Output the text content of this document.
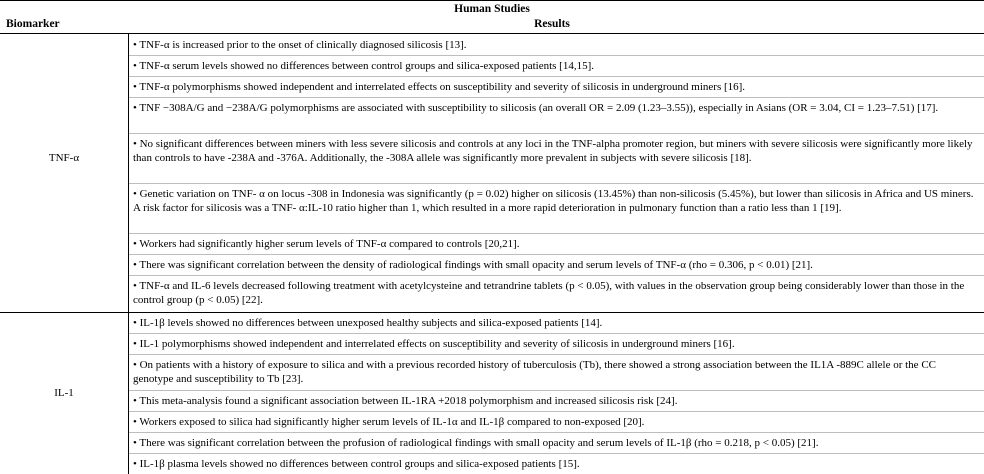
Human Studies
Biomarker	Results
TNF-α
• TNF-α is increased prior to the onset of clinically diagnosed silicosis [13].
• TNF-α serum levels showed no differences between control groups and silica-exposed patients [14,15].
• TNF-α polymorphisms showed independent and interrelated effects on susceptibility and severity of silicosis in underground miners [16].
• TNF −308A/G and −238A/G polymorphisms are associated with susceptibility to silicosis (an overall OR = 2.09 (1.23–3.55)), especially in Asians (OR = 3.04, CI = 1.23–7.51) [17].
• No significant differences between miners with less severe silicosis and controls at any loci in the TNF-alpha promoter region, but miners with severe silicosis were significantly more likely than controls to have -238A and -376A. Additionally, the -308A allele was significantly more prevalent in subjects with severe silicosis [18].
• Genetic variation on TNF- α on locus -308 in Indonesia was significantly (p = 0.02) higher on silicosis (13.45%) than non-silicosis (5.45%), but lower than silicosis in Africa and US miners. A risk factor for silicosis was a TNF- α:IL-10 ratio higher than 1, which resulted in a more rapid deterioration in pulmonary function than a ratio less than 1 [19].
• Workers had significantly higher serum levels of TNF-α compared to controls [20,21].
• There was significant correlation between the density of radiological findings with small opacity and serum levels of TNF-α (rho = 0.306, p < 0.01) [21].
• TNF-α and IL-6 levels decreased following treatment with acetylcysteine and tetrandrine tablets (p < 0.05), with values in the observation group being considerably lower than those in the control group (p < 0.05) [22].
IL-1
• IL-1β levels showed no differences between unexposed healthy subjects and silica-exposed patients [14].
• IL-1 polymorphisms showed independent and interrelated effects on susceptibility and severity of silicosis in underground miners [16].
• On patients with a history of exposure to silica and with a previous recorded history of tuberculosis (Tb), there showed a strong association between the IL1A -889C allele or the CC genotype and susceptibility to Tb [23].
• This meta-analysis found a significant association between IL-1RA +2018 polymorphism and increased silicosis risk [24].
• Workers exposed to silica had significantly higher serum levels of IL-1α and IL-1β compared to non-exposed [20].
• There was significant correlation between the profusion of radiological findings with small opacity and serum levels of IL-1β (rho = 0.218, p < 0.05) [21].
• IL-1β plasma levels showed no differences between control groups and silica-exposed patients [15].
